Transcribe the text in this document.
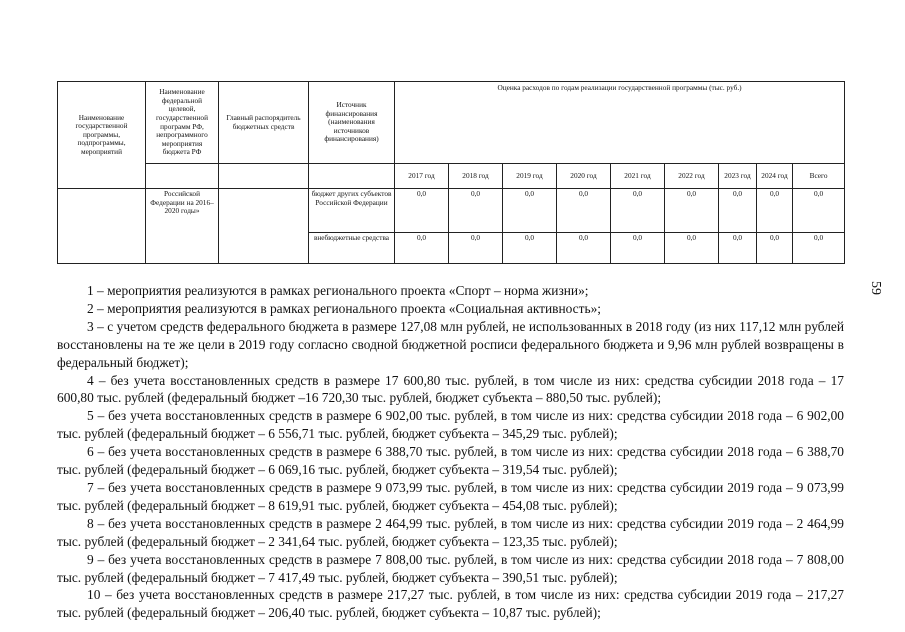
Наименование государственной программы, подпрограммы, мероприятий	Наименование федеральной целевой, государственной программ РФ, непрограммного мероприятия бюджета РФ	Главный распорядитель бюджетных средств	Источник финансирования (наименования источников финансирования)	Оценка расходов по годам реализации государственной программы (тыс. руб.)								
				2017 год	2018 год	2019 год	2020 год	2021 год	2022 год	2023 год	2024 год	Всего
	Российской Федерации на 2016–2020 годы»		бюджет других субъектов Российской Федерации	0,0	0,0	0,0	0,0	0,0	0,0	0,0	0,0	0,0
			внебюджетные средства	0,0	0,0	0,0	0,0	0,0	0,0	0,0	0,0	0,0
59

1 – мероприятия реализуются в рамках регионального проекта «Спорт – норма жизни»;

2 – мероприятия реализуются в рамках регионального проекта «Социальная активность»;

3 – с учетом средств федерального бюджета в размере 127,08 млн рублей, не использованных в 2018 году (из них 117,12 млн рублей восстановлены на те же цели в 2019 году согласно сводной бюджетной росписи федерального бюджета и 9,96 млн рублей возвращены в федеральный бюджет);

4 – без учета восстановленных средств в размере 17 600,80 тыс. рублей, в том числе из них: средства субсидии 2018 года – 17 600,80 тыс. рублей (федеральный бюджет –16 720,30 тыс. рублей, бюджет субъекта – 880,50 тыс. рублей);

5 – без учета восстановленных средств в размере 6 902,00 тыс. рублей, в том числе из них: средства субсидии 2018 года – 6 902,00 тыс. рублей (федеральный бюджет – 6 556,71 тыс. рублей, бюджет субъекта – 345,29 тыс. рублей);

6 – без учета восстановленных средств в размере 6 388,70 тыс. рублей, в том числе из них: средства субсидии 2018 года – 6 388,70 тыс. рублей (федеральный бюджет – 6 069,16 тыс. рублей, бюджет субъекта – 319,54 тыс. рублей);

7 – без учета восстановленных средств в размере 9 073,99 тыс. рублей, в том числе из них: средства субсидии 2019 года – 9 073,99 тыс. рублей (федеральный бюджет – 8 619,91 тыс. рублей, бюджет субъекта – 454,08 тыс. рублей);

8 – без учета восстановленных средств в размере 2 464,99 тыс. рублей, в том числе из них: средства субсидии 2019 года – 2 464,99 тыс. рублей (федеральный бюджет – 2 341,64 тыс. рублей, бюджет субъекта – 123,35 тыс. рублей);

9 – без учета восстановленных средств в размере 7 808,00 тыс. рублей, в том числе из них: средства субсидии 2018 года – 7 808,00 тыс. рублей (федеральный бюджет – 7 417,49 тыс. рублей, бюджет субъекта – 390,51 тыс. рублей);

10 – без учета восстановленных средств в размере 217,27 тыс. рублей, в том числе из них: средства субсидии 2019 года – 217,27 тыс. рублей (федеральный бюджет – 206,40 тыс. рублей, бюджет субъекта – 10,87 тыс. рублей);
